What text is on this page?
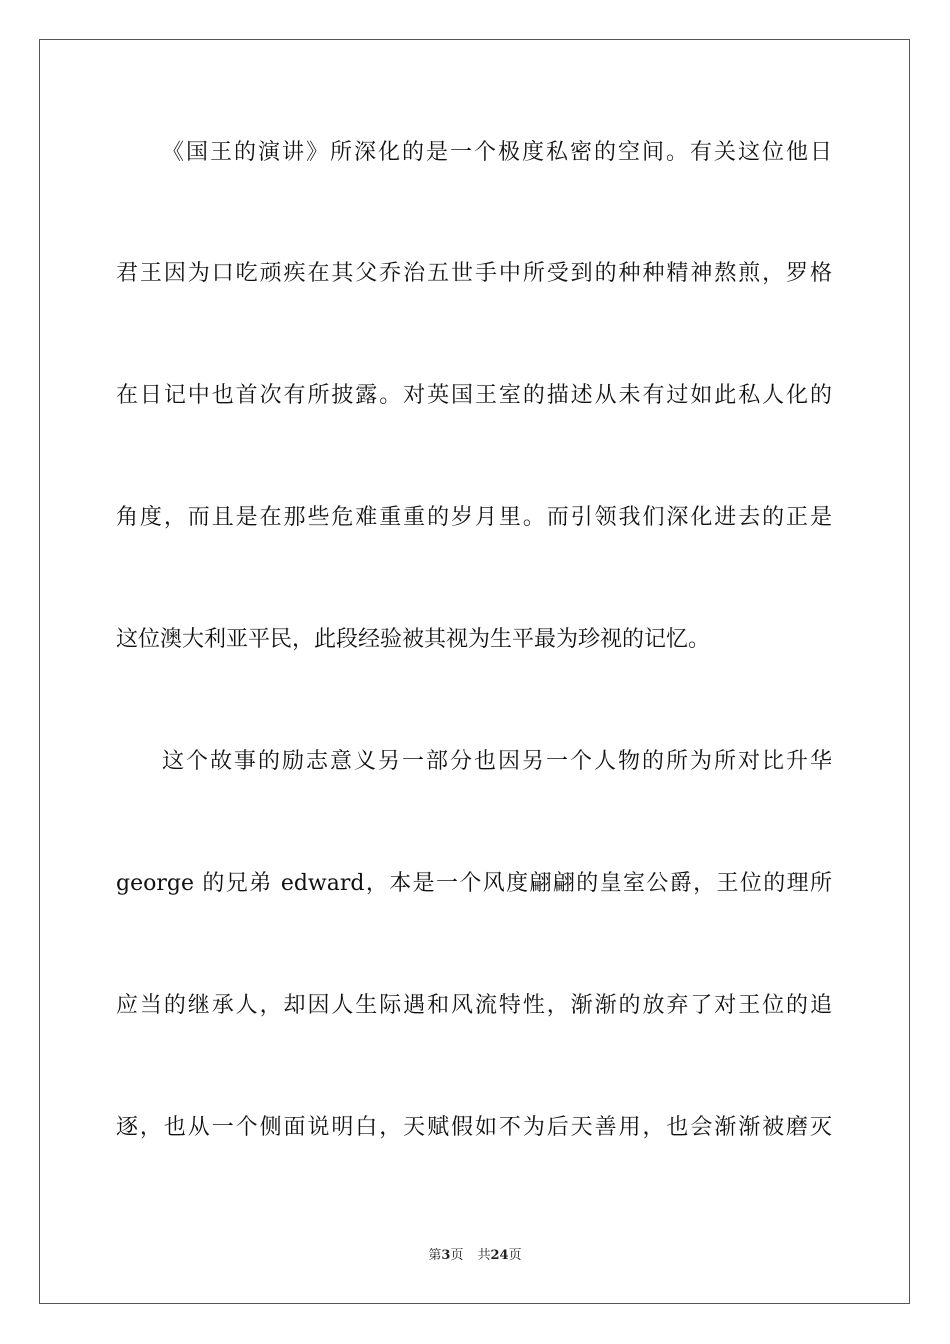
《国王的演讲》所深化的是一个极度私密的空间。有关这位他日
君王因为口吃顽疾在其父乔治五世手中所受到的种种精神熬煎，罗格
在日记中也首次有所披露。对英国王室的描述从未有过如此私人化的
角度，而且是在那些危难重重的岁月里。而引领我们深化进去的正是
这位澳大利亚平民，此段经验被其视为生平最为珍视的记忆。
这个故事的励志意义另一部分也因另一个人物的所为所对比升华
george 的兄弟 edward，本是一个风度翩翩的皇室公爵，王位的理所
应当的继承人，却因人生际遇和风流特性，渐渐的放弃了对王位的追
逐，也从一个侧面说明白，天赋假如不为后天善用，也会渐渐被磨灭
第3页 共24页
